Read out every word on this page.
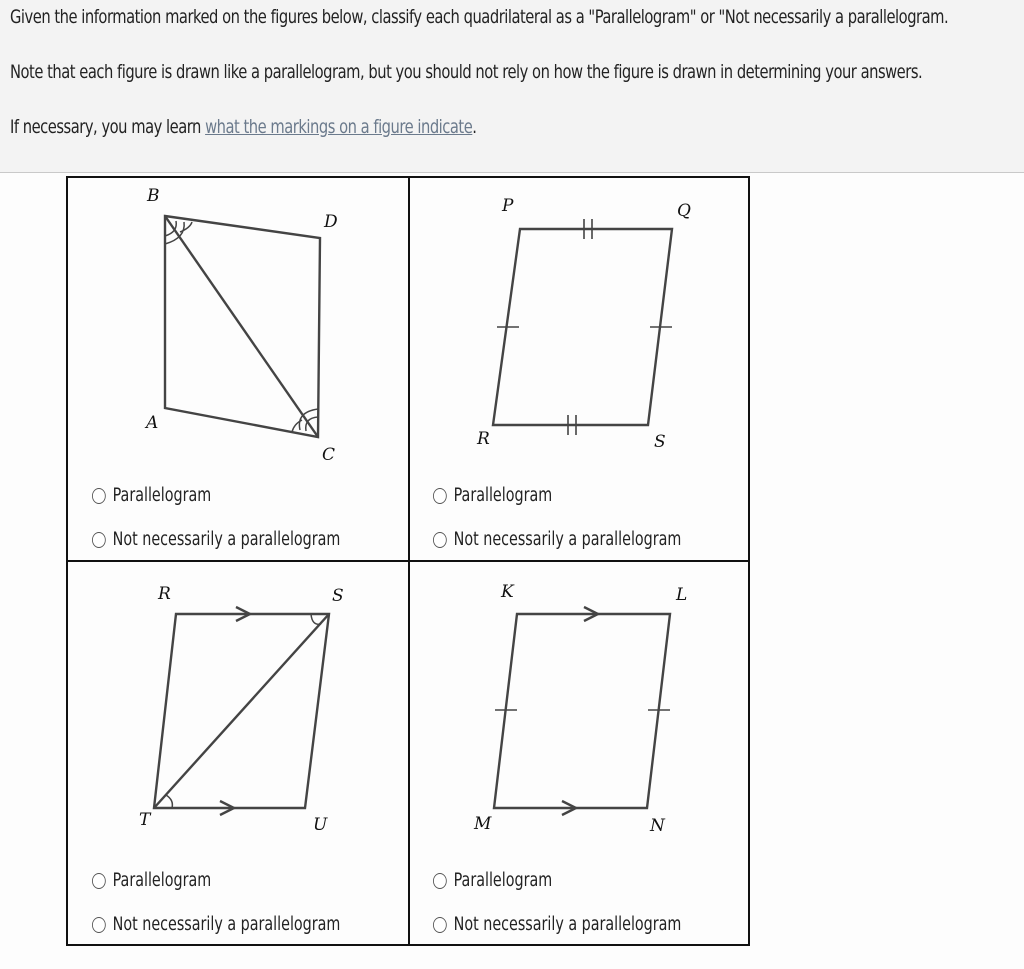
Given the information marked on the figures below, classify each quadrilateral as a "Parallelogram" or "Not necessarily a parallelogram.
Note that each figure is drawn like a parallelogram, but you should not rely on how the figure is drawn in determining your answers.
If necessary, you may learn what the markings on a figure indicate.
B
D
A
C
P	Q
R	S
R	S
T	U
K	L
M	N
Parallelogram
Not necessarily a parallelogram
Parallelogram
Not necessarily a parallelogram
Parallelogram
Not necessarily a parallelogram
Parallelogram
Not necessarily a parallelogram
